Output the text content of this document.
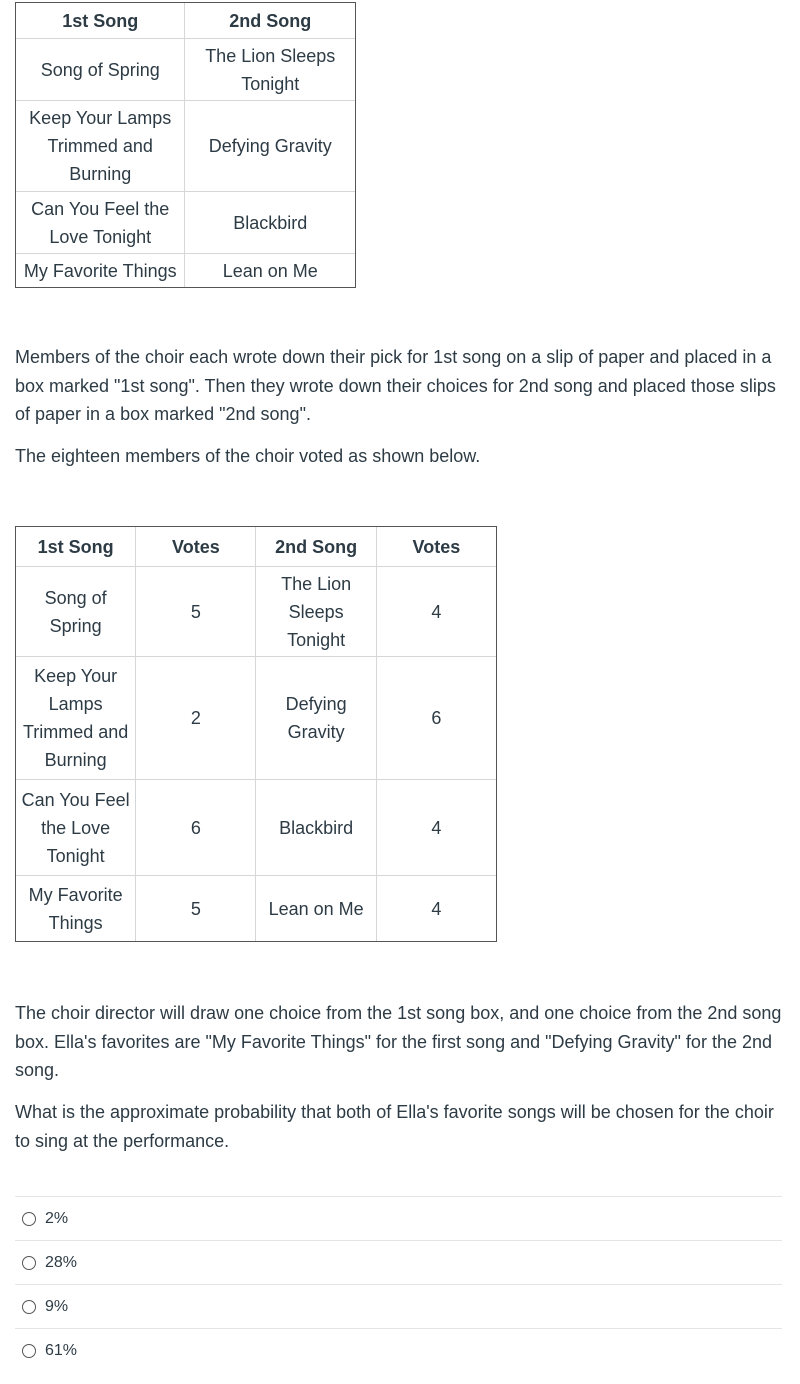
1st Song	2nd Song
Song of Spring	The Lion Sleeps Tonight
Keep Your Lamps Trimmed and Burning	Defying Gravity
Can You Feel the Love Tonight	Blackbird
My Favorite Things	Lean on Me

Members of the choir each wrote down their pick for 1st song on a slip of paper and placed in a box marked "1st song". Then they wrote down their choices for 2nd song and placed those slips of paper in a box marked "2nd song".

The eighteen members of the choir voted as shown below.

1st Song	Votes	2nd Song	Votes
Song of Spring	5	The Lion Sleeps Tonight	4
Keep Your Lamps Trimmed and Burning	2	Defying Gravity	6
Can You Feel the Love Tonight	6	Blackbird	4
My Favorite Things	5	Lean on Me	4

The choir director will draw one choice from the 1st song box, and one choice from the 2nd song box. Ella's favorites are "My Favorite Things" for the first song and "Defying Gravity" for the 2nd song.

What is the approximate probability that both of Ella's favorite songs will be chosen for the choir to sing at the performance.

2%
28%
9%
61%
